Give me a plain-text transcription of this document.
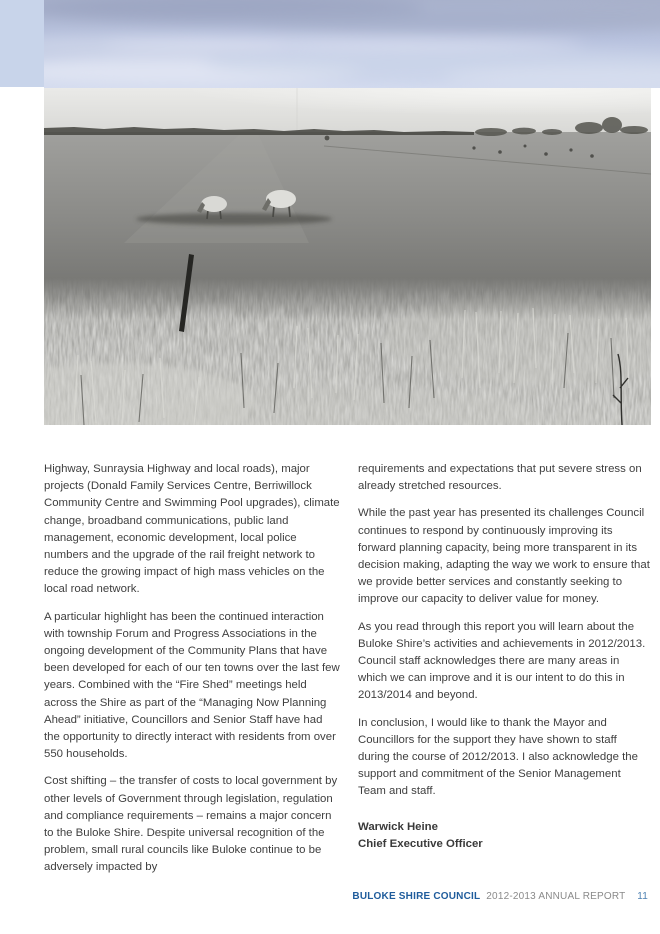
Highway, Sunraysia Highway and local roads), major projects (Donald Family Services Centre, Berriwillock Community Centre and Swimming Pool upgrades), climate change, broadband communications, public land management, economic development, local police numbers and the upgrade of the rail freight network to reduce the growing impact of high mass vehicles on the local road network.

A particular highlight has been the continued interaction with township Forum and Progress Associations in the ongoing development of the Community Plans that have been developed for each of our ten towns over the last few years. Combined with the “Fire Shed” meetings held across the Shire as part of the “Managing Now Planning Ahead” initiative, Councillors and Senior Staff have had the opportunity to directly interact with residents from over 550 households.

Cost shifting – the transfer of costs to local government by other levels of Government through legislation, regulation and compliance requirements – remains a major concern to the Buloke Shire. Despite universal recognition of the problem, small rural councils like Buloke continue to be adversely impacted by

requirements and expectations that put severe stress on already stretched resources.

While the past year has presented its challenges Council continues to respond by continuously improving its forward planning capacity, being more transparent in its decision making, adapting the way we work to ensure that we provide better services and constantly seeking to improve our capacity to deliver value for money.

As you read through this report you will learn about the Buloke Shire’s activities and achievements in 2012/2013. Council staff acknowledges there are many areas in which we can improve and it is our intent to do this in 2013/2014 and beyond.

In conclusion, I would like to thank the Mayor and Councillors for the support they have shown to staff during the course of 2012/2013. I also acknowledge the support and commitment of the Senior Management Team and staff.

Warwick Heine
Chief Executive Officer
BULOKE SHIRE COUNCIL 2012-2013 ANNUAL REPORT 11
